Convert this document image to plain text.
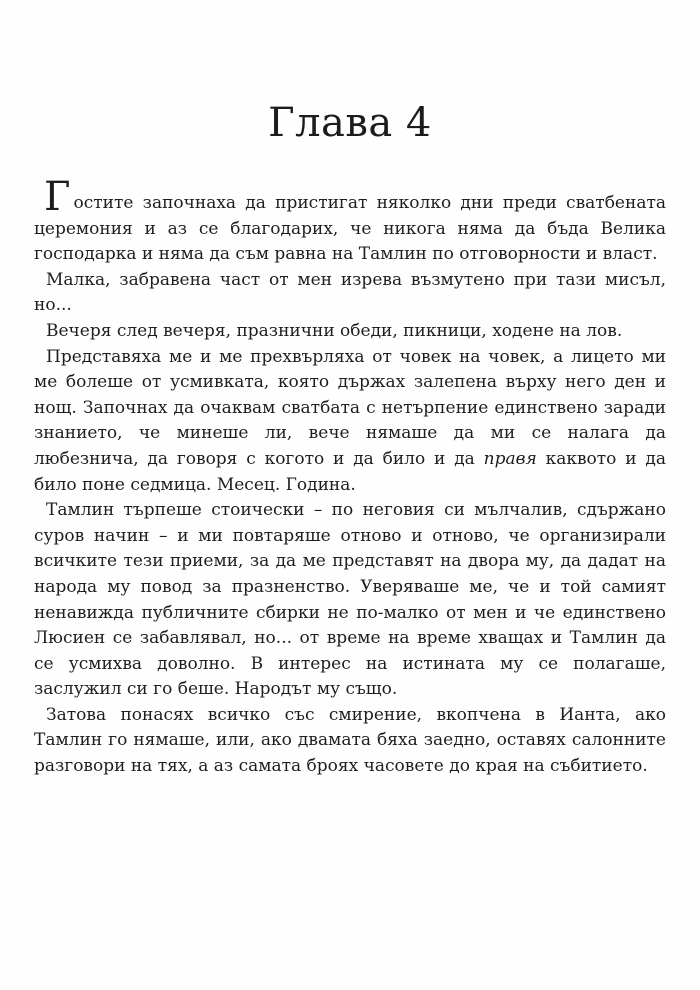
Глава 4

Гостите започнаха да пристигат няколко дни преди сватбената церемония и аз се благодарих, че никога няма да бъда Велика господарка и няма да съм равна на Тамлин по отговорности и власт.

Малка, забравена част от мен изрева възмутено при тази мисъл, но...

Вечеря след вечеря, празнични обеди, пикници, ходене на лов.

Представяха ме и ме прехвърляха от човек на човек, а лицето ми ме болеше от усмивката, която държах залепена върху него ден и нощ. Започнах да очаквам сватбата с нетърпение единствено заради знанието, че минеше ли, вече нямаше да ми се налага да любезнича, да говоря с когото и да било и да правя каквото и да било поне седмица. Месец. Година.

Тамлин търпеше стоически – по неговия си мълчалив, сдържано суров начин – и ми повтаряше отново и отново, че организирали всичките тези приеми, за да ме представят на двора му, да дадат на народа му повод за празненство. Уверяваше ме, че и той самият ненавижда публичните сбирки не по-малко от мен и че единствено Люсиен се забавлявал, но... от време на време хващах и Тамлин да се усмихва доволно. В интерес на истината му се полагаше, заслужил си го беше. Народът му също.

Затова понасях всичко със смирение, вкопчена в Ианта, ако Тамлин го нямаше, или, ако двамата бяха заедно, оставях салонните разговори на тях, а аз самата броях часовете до края на събитието.
